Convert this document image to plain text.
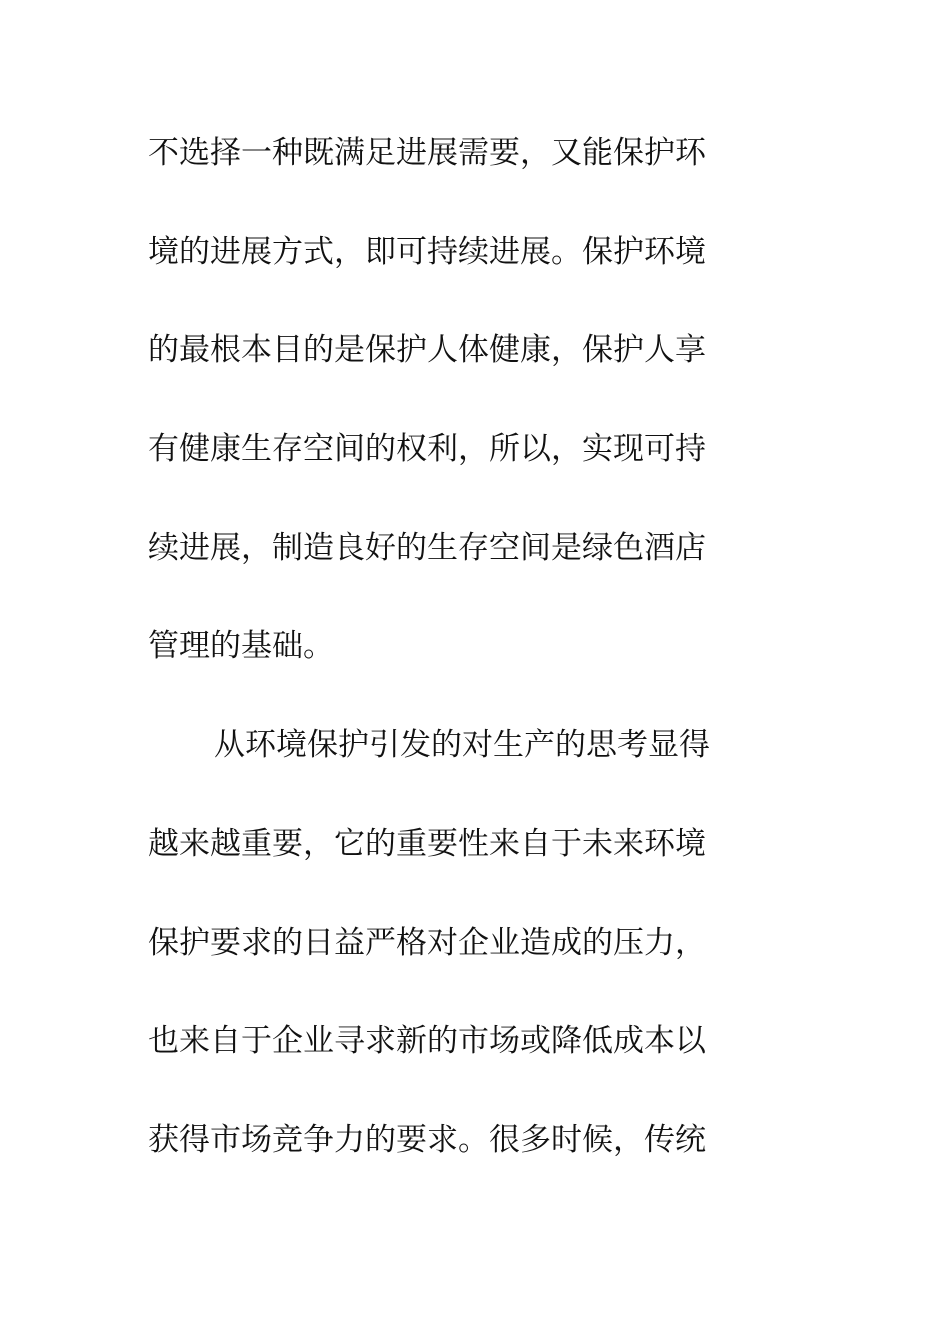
不选择一种既满足进展需要，又能保护环
境的进展方式，即可持续进展。保护环境
的最根本目的是保护人体健康，保护人享
有健康生存空间的权利，所以，实现可持
续进展，制造良好的生存空间是绿色酒店
管理的基础。
从环境保护引发的对生产的思考显得
越来越重要，它的重要性来自于未来环境
保护要求的日益严格对企业造成的压力，
也来自于企业寻求新的市场或降低成本以
获得市场竞争力的要求。很多时候，传统
